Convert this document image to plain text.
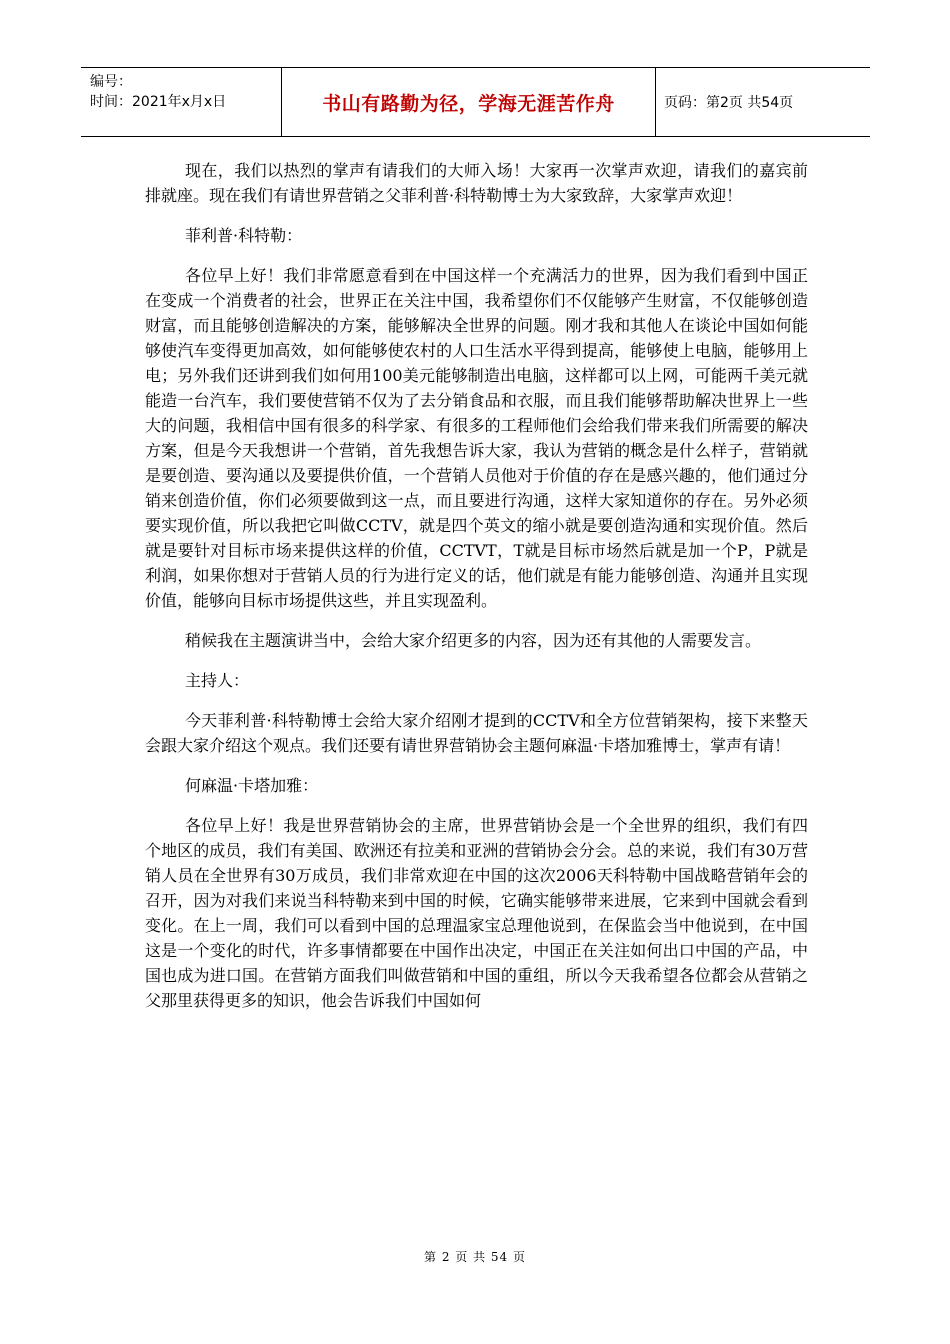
编号：
时间：2021年x月x日	书山有路勤为径，学海无涯苦作舟	页码：第2页 共54页

现在，我们以热烈的掌声有请我们的大师入场！大家再一次掌声欢迎，请我们的嘉宾前排就座。现在我们有请世界营销之父菲利普·科特勒博士为大家致辞，大家掌声欢迎！

菲利普·科特勒：

各位早上好！我们非常愿意看到在中国这样一个充满活力的世界，因为我们看到中国正在变成一个消费者的社会，世界正在关注中国，我希望你们不仅能够产生财富，不仅能够创造财富，而且能够创造解决的方案，能够解决全世界的问题。刚才我和其他人在谈论中国如何能够使汽车变得更加高效，如何能够使农村的人口生活水平得到提高，能够使上电脑，能够用上电；另外我们还讲到我们如何用100美元能够制造出电脑，这样都可以上网，可能两千美元就能造一台汽车，我们要使营销不仅为了去分销食品和衣服，而且我们能够帮助解决世界上一些大的问题，我相信中国有很多的科学家、有很多的工程师他们会给我们带来我们所需要的解决方案，但是今天我想讲一个营销，首先我想告诉大家，我认为营销的概念是什么样子，营销就是要创造、要沟通以及要提供价值，一个营销人员他对于价值的存在是感兴趣的，他们通过分销来创造价值，你们必须要做到这一点，而且要进行沟通，这样大家知道你的存在。另外必须要实现价值，所以我把它叫做CCTV，就是四个英文的缩小就是要创造沟通和实现价值。然后就是要针对目标市场来提供这样的价值，CCTVT，T就是目标市场然后就是加一个P，P就是利润，如果你想对于营销人员的行为进行定义的话，他们就是有能力能够创造、沟通并且实现价值，能够向目标市场提供这些，并且实现盈利。

稍候我在主题演讲当中，会给大家介绍更多的内容，因为还有其他的人需要发言。

主持人：

今天菲利普·科特勒博士会给大家介绍刚才提到的CCTV和全方位营销架构，接下来整天会跟大家介绍这个观点。我们还要有请世界营销协会主题何麻温·卡塔加雅博士，掌声有请！

何麻温·卡塔加雅：

各位早上好！我是世界营销协会的主席，世界营销协会是一个全世界的组织，我们有四个地区的成员，我们有美国、欧洲还有拉美和亚洲的营销协会分会。总的来说，我们有30万营销人员在全世界有30万成员，我们非常欢迎在中国的这次2006天科特勒中国战略营销年会的召开，因为对我们来说当科特勒来到中国的时候，它确实能够带来进展，它来到中国就会看到变化。在上一周，我们可以看到中国的总理温家宝总理他说到，在保监会当中他说到，在中国这是一个变化的时代，许多事情都要在中国作出决定，中国正在关注如何出口中国的产品，中国也成为进口国。在营销方面我们叫做营销和中国的重组，所以今天我希望各位都会从营销之父那里获得更多的知识，他会告诉我们中国如何

第 2 页 共 54 页
